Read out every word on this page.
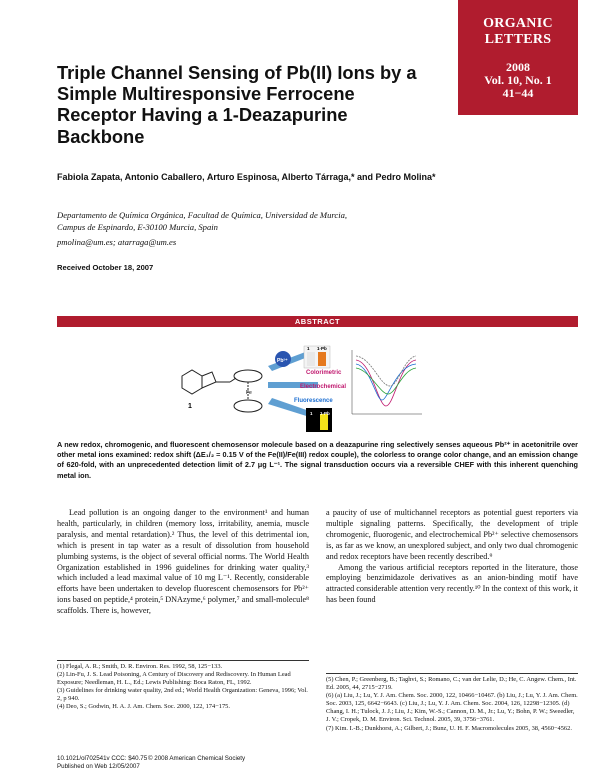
ORGANIC
LETTERS
2008
Vol. 10, No. 1
41−44
Triple Channel Sensing of Pb(II) Ions by a Simple Multiresponsive Ferrocene Receptor Having a 1-Deazapurine Backbone
Fabiola Zapata, Antonio Caballero, Arturo Espinosa, Alberto Tárraga,* and Pedro Molina*
Departamento de Química Orgánica, Facultad de Química, Universidad de Murcia,
Campus de Espinardo, E-30100 Murcia, Spain
pmolina@um.es; atarraga@um.es
Received October 18, 2007
ABSTRACT
1
Fe
Pb²⁺
1 1·Pb
Colorimetric
Electrochemical
Fluorescence
1 1·Pb
A new redox, chromogenic, and fluorescent chemosensor molecule based on a deazapurine ring selectively senses aqueous Pb²⁺ in acetonitrile over other metal ions examined: redox shift (ΔE₁/₂ = 0.15 V of the Fe(II)/Fe(III) redox couple), the colorless to orange color change, and an emission change of 620-fold, with an unprecedented detection limit of 2.7 μg L⁻¹. The signal transduction occurs via a reversible CHEF with this inherent quenching metal ion.

Lead pollution is an ongoing danger to the environment¹ and human health, particularly, in children (memory loss, irritability, anemia, muscle paralysis, and mental retardation).² Thus, the level of this detrimental ion, which is present in tap water as a result of dissolution from household plumbing systems, is the object of several official norms. The World Health Organization established in 1996 guidelines for drinking water quality,³ which included a lead maximal value of 10 mg L⁻¹. Recently, considerable efforts have been undertaken to develop fluorescent chemosensors for Pb²⁺ ions based on peptide,⁴ protein,⁵ DNAzyme,⁶ polymer,⁷ and small-molecule⁸ scaffolds. There is, however,

a paucity of use of multichannel receptors as potential guest reporters via multiple signaling patterns. Specifically, the development of triple chromogenic, fluorogenic, and electrochemical Pb²⁺ selective chemosensors is, as far as we know, an unexplored subject, and only two dual chromogenic and redox receptors have been recently described.⁹

Among the various artificial receptors reported in the literature, those employing benzimidazole derivatives as an anion-binding motif have attracted considerable attention very recently.¹⁰ In the context of this work, it has been found

(1) Flegal, A. R.; Smith, D. R. Environ. Res. 1992, 58, 125−133.
(2) Lin-Fu, J. S. Lead Poisoning, A Century of Discovery and Rediscovery. In Human Lead Exposure; Needleman, H. L., Ed.; Lewis Publishing: Boca Raton, FL, 1992.
(3) Guidelines for drinking water quality, 2nd ed.; World Health Organization: Geneva, 1996; Vol. 2, p 940.
(4) Deo, S.; Godwin, H. A. J. Am. Chem. Soc. 2000, 122, 174−175.
(5) Chen, P.; Greenberg, B.; Taghvi, S.; Romano, C.; van der Lelie, D.; He, C. Angew. Chem., Int. Ed. 2005, 44, 2715−2719.
(6) (a) Liu, J.; Lu, Y. J. Am. Chem. Soc. 2000, 122, 10466−10467. (b) Liu, J.; Lu, Y. J. Am. Chem. Soc. 2003, 125, 6642−6643. (c) Liu, J.; Lu, Y. J. Am. Chem. Soc. 2004, 126, 12298−12305. (d) Chang, I. H.; Tulock, J. J.; Liu, J.; Kim, W.-S.; Cannon, D. M., Jr.; Lu, Y.; Bohn, P. W.; Sweedler, J. V.; Cropek, D. M. Environ. Sci. Technol. 2005, 39, 3756−3761.
(7) Kim. I.-B.; Dunkhorst, A.; Gilbert, J.; Bunz, U. H. F. Macromolecules 2005, 38, 4560−4562.
10.1021/ol702541v CCC: $40.75
Published on Web 12/05/2007
© 2008 American Chemical Society
